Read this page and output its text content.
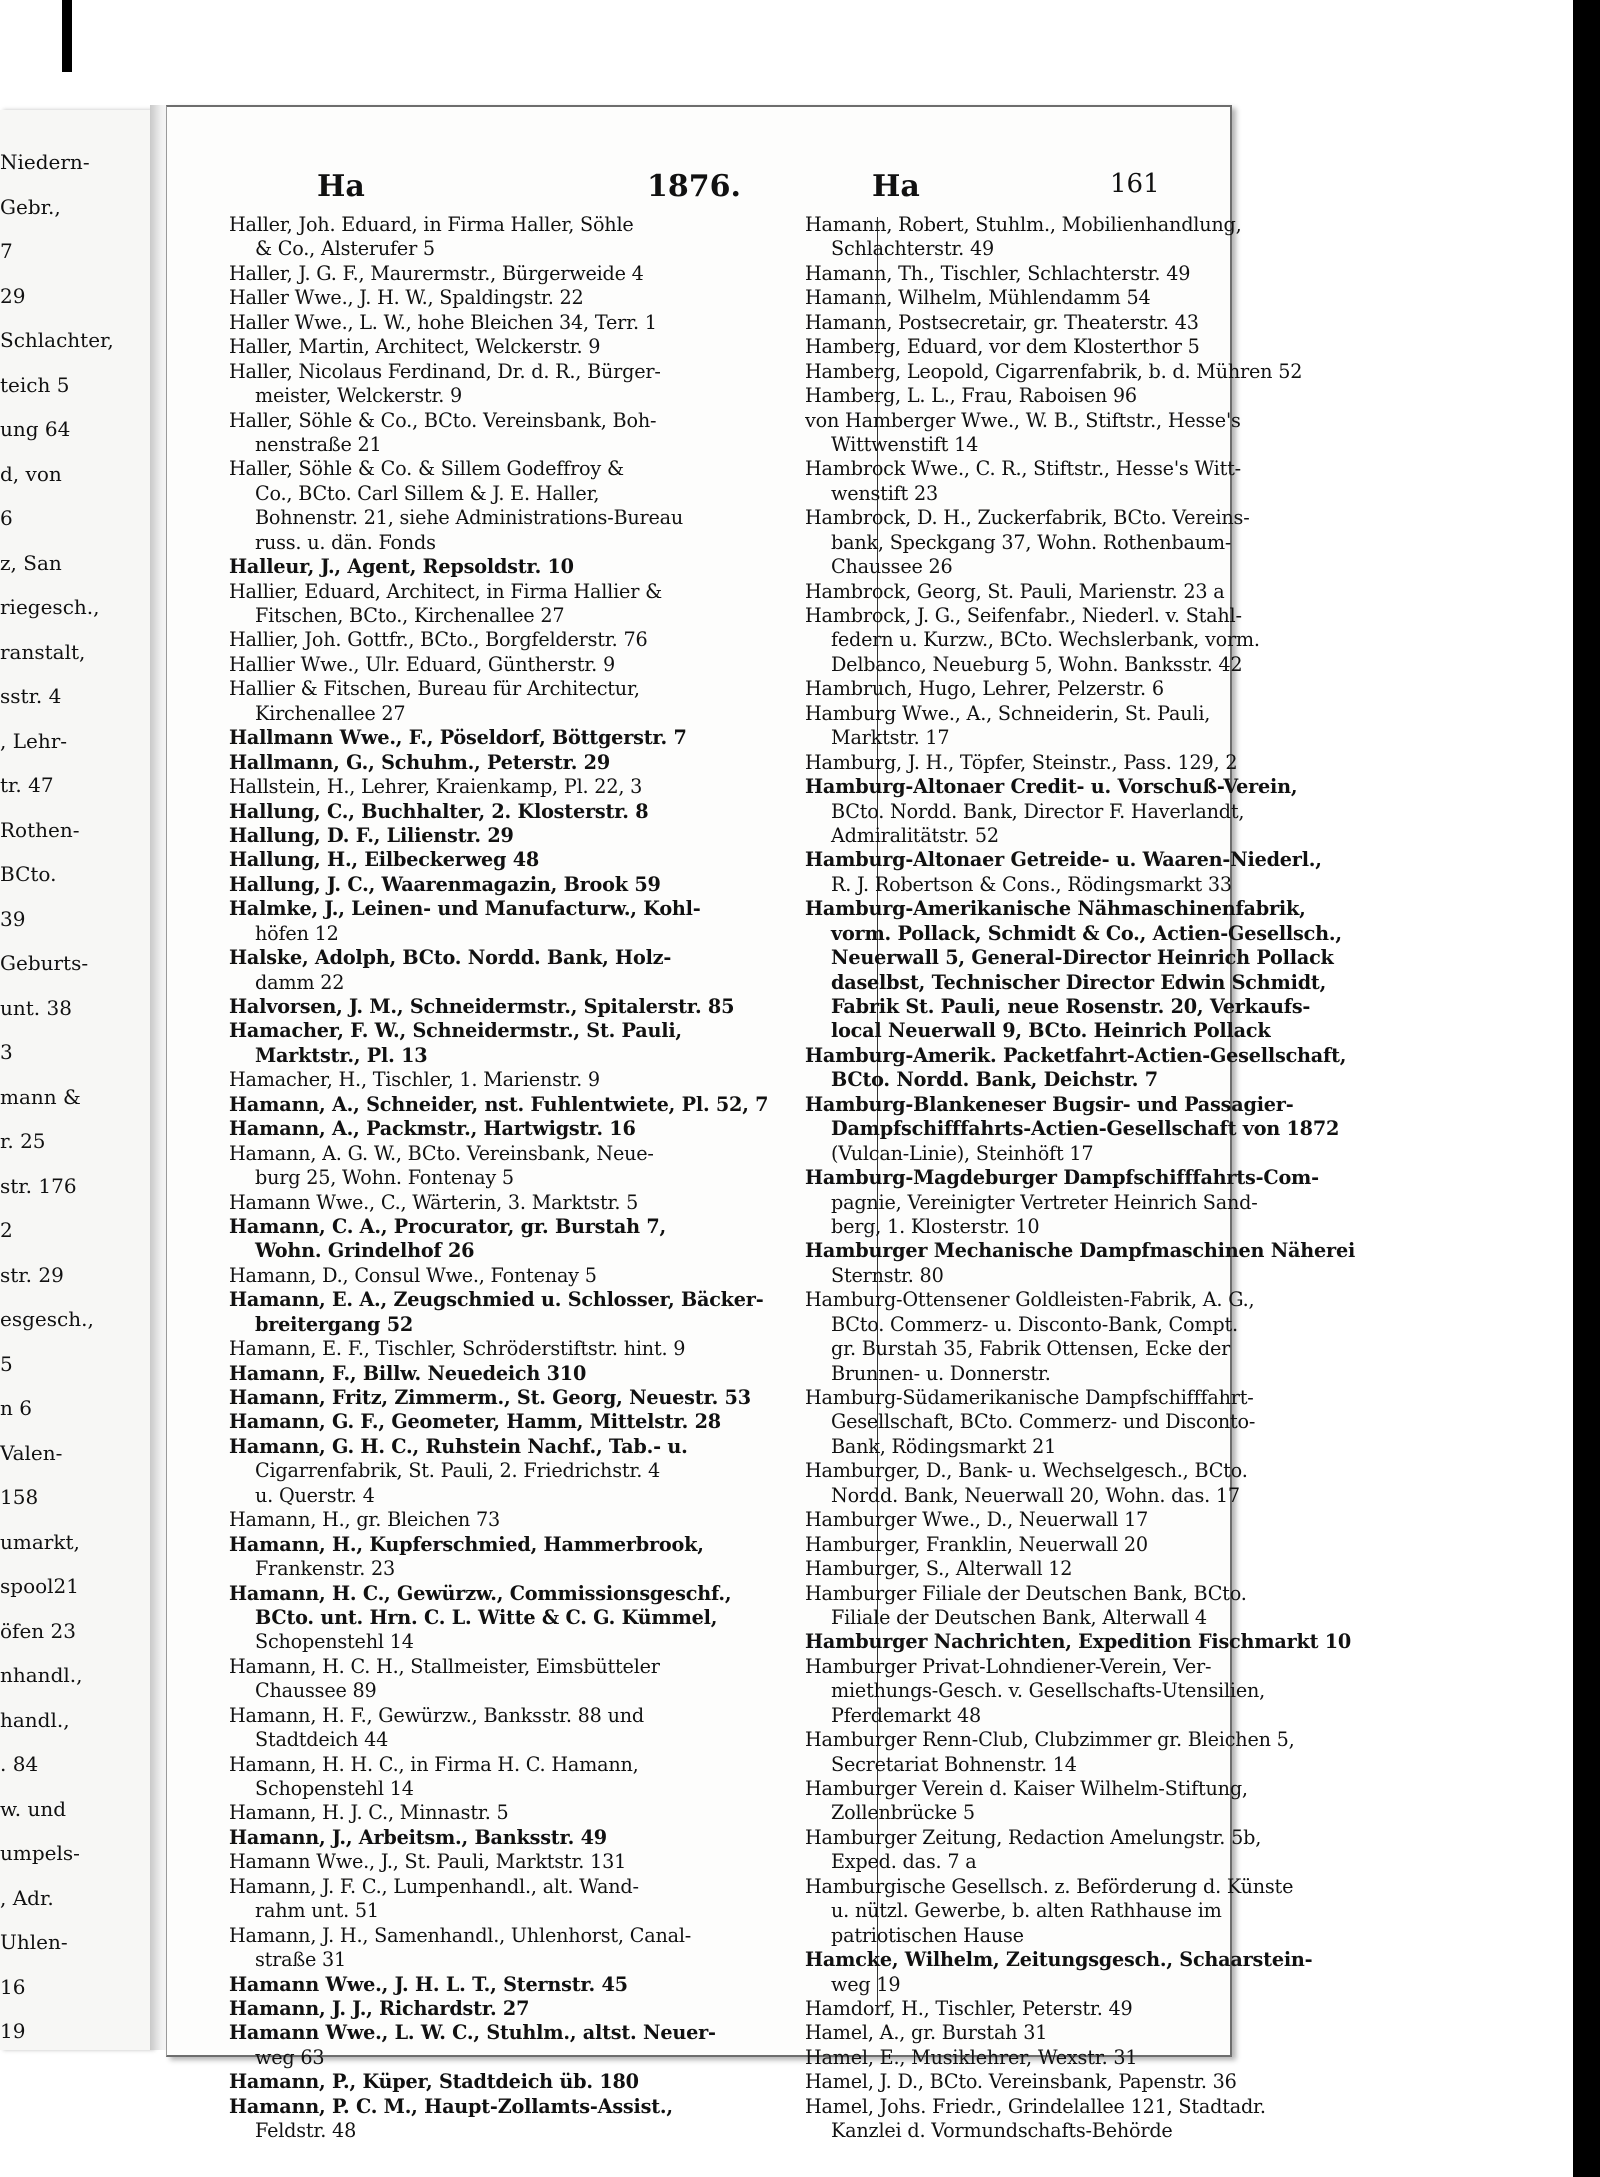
Niedern-
Gebr.,
7
29
Schlachter,
teich 5
ung 64
d, von
6
z, San
riegesch.,
ranstalt,
sstr. 4
, Lehr-
tr. 47
Rothen-
BCto.
39
Geburts-
unt. 38
3
mann &
r. 25
str. 176
2
str. 29
esgesch.,
5
n 6
Valen-
158
umarkt,
spool21
öfen 23
nhandl.,
handl.,
. 84
w. und
umpels-
, Adr.
Uhlen-
16
19
Ha	1876.	Ha	161
Haller, Joh. Eduard, in Firma Haller, Söhle
& Co., Alsterufer 5
Haller, J. G. F., Maurermstr., Bürgerweide 4
Haller Wwe., J. H. W., Spaldingstr. 22
Haller Wwe., L. W., hohe Bleichen 34, Terr. 1
Haller, Martin, Architect, Welckerstr. 9
Haller, Nicolaus Ferdinand, Dr. d. R., Bürger-
meister, Welckerstr. 9
Haller, Söhle & Co., BCto. Vereinsbank, Boh-
nenstraße 21
Haller, Söhle & Co. & Sillem Godeffroy &
Co., BCto. Carl Sillem & J. E. Haller,
Bohnenstr. 21, siehe Administrations-Bureau
russ. u. dän. Fonds
Halleur, J., Agent, Repsoldstr. 10
Hallier, Eduard, Architect, in Firma Hallier &
Fitschen, BCto., Kirchenallee 27
Hallier, Joh. Gottfr., BCto., Borgfelderstr. 76
Hallier Wwe., Ulr. Eduard, Güntherstr. 9
Hallier & Fitschen, Bureau für Architectur,
Kirchenallee 27
Hallmann Wwe., F., Pöseldorf, Böttgerstr. 7
Hallmann, G., Schuhm., Peterstr. 29
Hallstein, H., Lehrer, Kraienkamp, Pl. 22, 3
Hallung, C., Buchhalter, 2. Klosterstr. 8
Hallung, D. F., Lilienstr. 29
Hallung, H., Eilbeckerweg 48
Hallung, J. C., Waarenmagazin, Brook 59
Halmke, J., Leinen- und Manufacturw., Kohl-
höfen 12
Halske, Adolph, BCto. Nordd. Bank, Holz-
damm 22
Halvorsen, J. M., Schneidermstr., Spitalerstr. 85
Hamacher, F. W., Schneidermstr., St. Pauli,
Marktstr., Pl. 13
Hamacher, H., Tischler, 1. Marienstr. 9
Hamann, A., Schneider, nst. Fuhlentwiete, Pl. 52, 7
Hamann, A., Packmstr., Hartwigstr. 16
Hamann, A. G. W., BCto. Vereinsbank, Neue-
burg 25, Wohn. Fontenay 5
Hamann Wwe., C., Wärterin, 3. Marktstr. 5
Hamann, C. A., Procurator, gr. Burstah 7,
Wohn. Grindelhof 26
Hamann, D., Consul Wwe., Fontenay 5
Hamann, E. A., Zeugschmied u. Schlosser, Bäcker-
breitergang 52
Hamann, E. F., Tischler, Schröderstiftstr. hint. 9
Hamann, F., Billw. Neuedeich 310
Hamann, Fritz, Zimmerm., St. Georg, Neuestr. 53
Hamann, G. F., Geometer, Hamm, Mittelstr. 28
Hamann, G. H. C., Ruhstein Nachf., Tab.- u.
Cigarrenfabrik, St. Pauli, 2. Friedrichstr. 4
u. Querstr. 4
Hamann, H., gr. Bleichen 73
Hamann, H., Kupferschmied, Hammerbrook,
Frankenstr. 23
Hamann, H. C., Gewürzw., Commissionsgeschf.,
BCto. unt. Hrn. C. L. Witte & C. G. Kümmel,
Schopenstehl 14
Hamann, H. C. H., Stallmeister, Eimsbütteler
Chaussee 89
Hamann, H. F., Gewürzw., Banksstr. 88 und
Stadtdeich 44
Hamann, H. H. C., in Firma H. C. Hamann,
Schopenstehl 14
Hamann, H. J. C., Minnastr. 5
Hamann, J., Arbeitsm., Banksstr. 49
Hamann Wwe., J., St. Pauli, Marktstr. 131
Hamann, J. F. C., Lumpenhandl., alt. Wand-
rahm unt. 51
Hamann, J. H., Samenhandl., Uhlenhorst, Canal-
straße 31
Hamann Wwe., J. H. L. T., Sternstr. 45
Hamann, J. J., Richardstr. 27
Hamann Wwe., L. W. C., Stuhlm., altst. Neuer-
weg 63
Hamann, P., Küper, Stadtdeich üb. 180
Hamann, P. C. M., Haupt-Zollamts-Assist.,
Feldstr. 48
Hamann, Robert, Stuhlm., Mobilienhandlung,
Schlachterstr. 49
Hamann, Th., Tischler, Schlachterstr. 49
Hamann, Wilhelm, Mühlendamm 54
Hamann, Postsecretair, gr. Theaterstr. 43
Hamberg, Eduard, vor dem Klosterthor 5
Hamberg, Leopold, Cigarrenfabrik, b. d. Mühren 52
Hamberg, L. L., Frau, Raboisen 96
von Hamberger Wwe., W. B., Stiftstr., Hesse's
Wittwenstift 14
Hambrock Wwe., C. R., Stiftstr., Hesse's Witt-
wenstift 23
Hambrock, D. H., Zuckerfabrik, BCto. Vereins-
bank, Speckgang 37, Wohn. Rothenbaum-
Chaussee 26
Hambrock, Georg, St. Pauli, Marienstr. 23 a
Hambrock, J. G., Seifenfabr., Niederl. v. Stahl-
federn u. Kurzw., BCto. Wechslerbank, vorm.
Delbanco, Neueburg 5, Wohn. Banksstr. 42
Hambruch, Hugo, Lehrer, Pelzerstr. 6
Hamburg Wwe., A., Schneiderin, St. Pauli,
Marktstr. 17
Hamburg, J. H., Töpfer, Steinstr., Pass. 129, 2
Hamburg-Altonaer Credit- u. Vorschuß-Verein,
BCto. Nordd. Bank, Director F. Haverlandt,
Admiralitätstr. 52
Hamburg-Altonaer Getreide- u. Waaren-Niederl.,
R. J. Robertson & Cons., Rödingsmarkt 33
Hamburg-Amerikanische Nähmaschinenfabrik,
vorm. Pollack, Schmidt & Co., Actien-Gesellsch.,
Neuerwall 5, General-Director Heinrich Pollack
daselbst, Technischer Director Edwin Schmidt,
Fabrik St. Pauli, neue Rosenstr. 20, Verkaufs-
local Neuerwall 9, BCto. Heinrich Pollack
Hamburg-Amerik. Packetfahrt-Actien-Gesellschaft,
BCto. Nordd. Bank, Deichstr. 7
Hamburg-Blankeneser Bugsir- und Passagier-
Dampfschifffahrts-Actien-Gesellschaft von 1872
(Vulcan-Linie), Steinhöft 17
Hamburg-Magdeburger Dampfschifffahrts-Com-
pagnie, Vereinigter Vertreter Heinrich Sand-
berg, 1. Klosterstr. 10
Hamburger Mechanische Dampfmaschinen Näherei
Sternstr. 80
Hamburg-Ottensener Goldleisten-Fabrik, A. G.,
BCto. Commerz- u. Disconto-Bank, Compt.
gr. Burstah 35, Fabrik Ottensen, Ecke der
Brunnen- u. Donnerstr.
Hamburg-Südamerikanische Dampfschifffahrt-
Gesellschaft, BCto. Commerz- und Disconto-
Bank, Rödingsmarkt 21
Hamburger, D., Bank- u. Wechselgesch., BCto.
Nordd. Bank, Neuerwall 20, Wohn. das. 17
Hamburger Wwe., D., Neuerwall 17
Hamburger, Franklin, Neuerwall 20
Hamburger, S., Alterwall 12
Hamburger Filiale der Deutschen Bank, BCto.
Filiale der Deutschen Bank, Alterwall 4
Hamburger Nachrichten, Expedition Fischmarkt 10
Hamburger Privat-Lohndiener-Verein, Ver-
miethungs-Gesch. v. Gesellschafts-Utensilien,
Pferdemarkt 48
Hamburger Renn-Club, Clubzimmer gr. Bleichen 5,
Secretariat Bohnenstr. 14
Hamburger Verein d. Kaiser Wilhelm-Stiftung,
Zollenbrücke 5
Hamburger Zeitung, Redaction Amelungstr. 5b,
Exped. das. 7 a
Hamburgische Gesellsch. z. Beförderung d. Künste
u. nützl. Gewerbe, b. alten Rathhause im
patriotischen Hause
Hamcke, Wilhelm, Zeitungsgesch., Schaarstein-
weg 19
Hamdorf, H., Tischler, Peterstr. 49
Hamel, A., gr. Burstah 31
Hamel, E., Musiklehrer, Wexstr. 31
Hamel, J. D., BCto. Vereinsbank, Papenstr. 36
Hamel, Johs. Friedr., Grindelallee 121, Stadtadr.
Kanzlei d. Vormundschafts-Behörde
